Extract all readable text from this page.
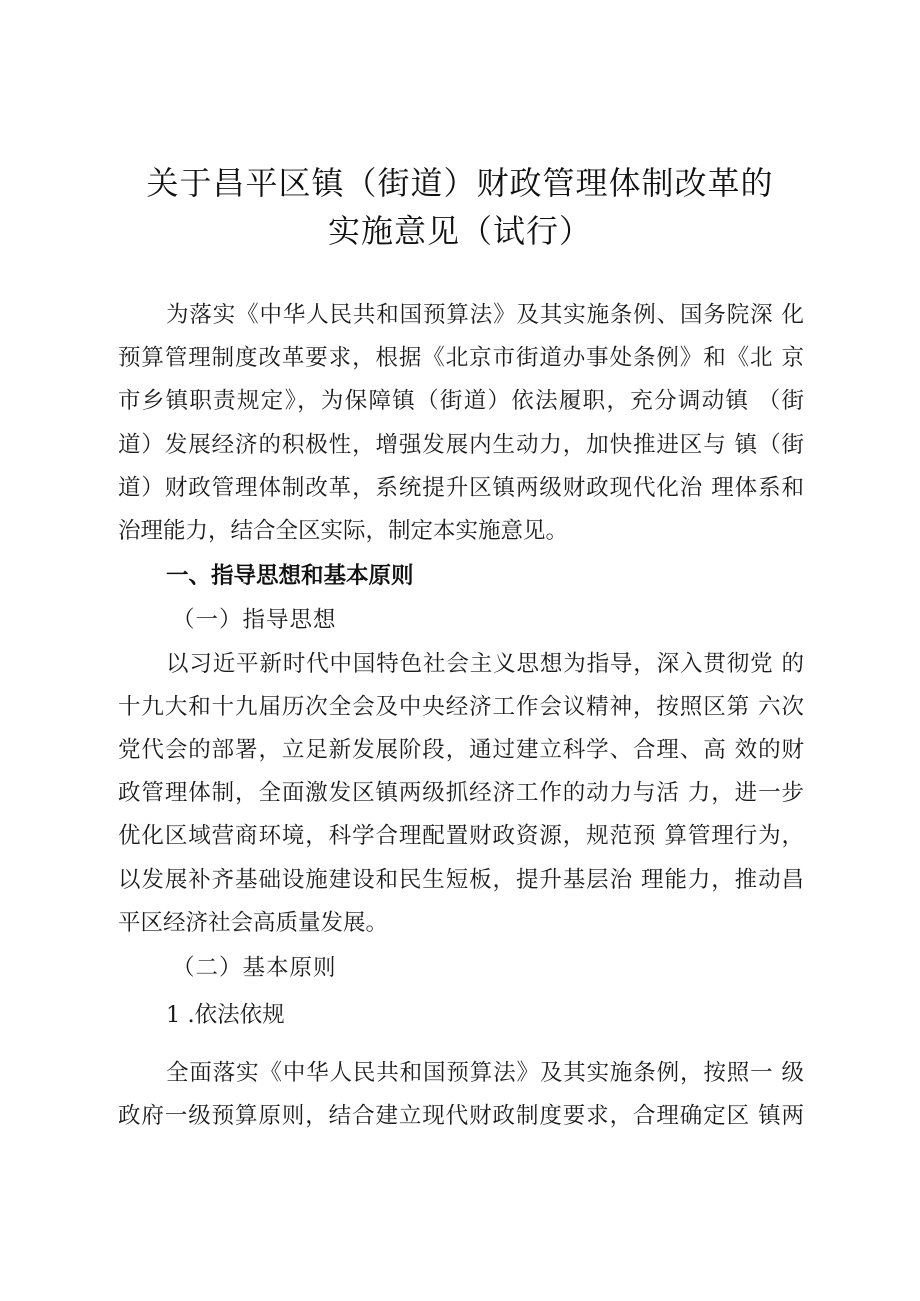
关于昌平区镇（街道）财政管理体制改革的
实施意见（试行）
为落实《中华人民共和国预算法》及其实施条例、国务院深 化
预算管理制度改革要求，根据《北京市街道办事处条例》和《北 京
市乡镇职责规定》，为保障镇（街道）依法履职，充分调动镇 （街
道）发展经济的积极性，增强发展内生动力，加快推进区与 镇（街
道）财政管理体制改革，系统提升区镇两级财政现代化治 理体系和
治理能力，结合全区实际，制定本实施意见。
一、指导思想和基本原则
（一）指导思想
以习近平新时代中国特色社会主义思想为指导，深入贯彻党 的
十九大和十九届历次全会及中央经济工作会议精神，按照区第 六次
党代会的部署，立足新发展阶段，通过建立科学、合理、高 效的财
政管理体制，全面激发区镇两级抓经济工作的动力与活 力，进一步
优化区域营商环境，科学合理配置财政资源，规范预 算管理行为，
以发展补齐基础设施建设和民生短板，提升基层治 理能力，推动昌
平区经济社会高质量发展。
（二）基本原则
1 .依法依规
全面落实《中华人民共和国预算法》及其实施条例，按照一 级
政府一级预算原则，结合建立现代财政制度要求，合理确定区 镇两
